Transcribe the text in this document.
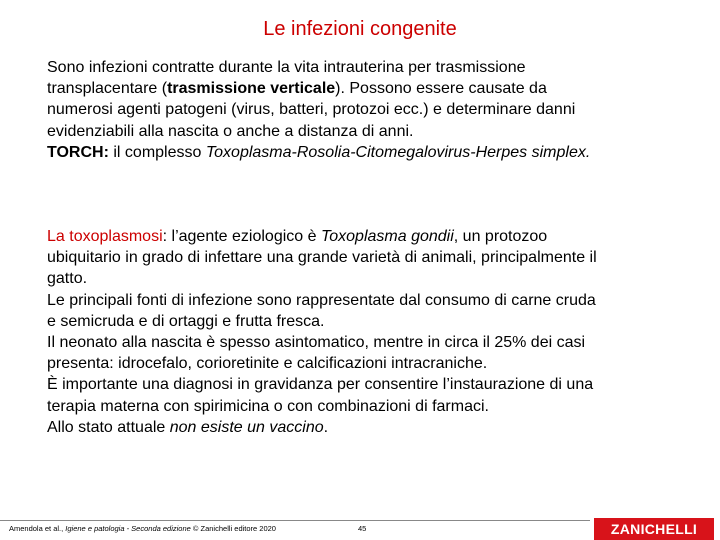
Le infezioni congenite
Sono infezioni contratte durante la vita intrauterina per trasmissione
transplacentare (trasmissione verticale). Possono essere causate da
numerosi agenti patogeni (virus, batteri, protozoi ecc.) e determinare danni
evidenziabili alla nascita o anche a distanza di anni.
TORCH: il complesso Toxoplasma-Rosolia-Citomegalovirus-Herpes simplex.
La toxoplasmosi: l’agente eziologico è Toxoplasma gondii, un protozoo
ubiquitario in grado di infettare una grande varietà di animali, principalmente il
gatto.
Le principali fonti di infezione sono rappresentate dal consumo di carne cruda
e semicruda e di ortaggi e frutta fresca.
Il neonato alla nascita è spesso asintomatico, mentre in circa il 25% dei casi
presenta: idrocefalo, corioretinite e calcificazioni intracraniche.
È importante una diagnosi in gravidanza per consentire l’instaurazione di una
terapia materna con spirimicina o con combinazioni di farmaci.
Allo stato attuale non esiste un vaccino.
Amendola et al., Igiene e patologia - Seconda edizione © Zanichelli editore 2020	45	ZANICHELLI
